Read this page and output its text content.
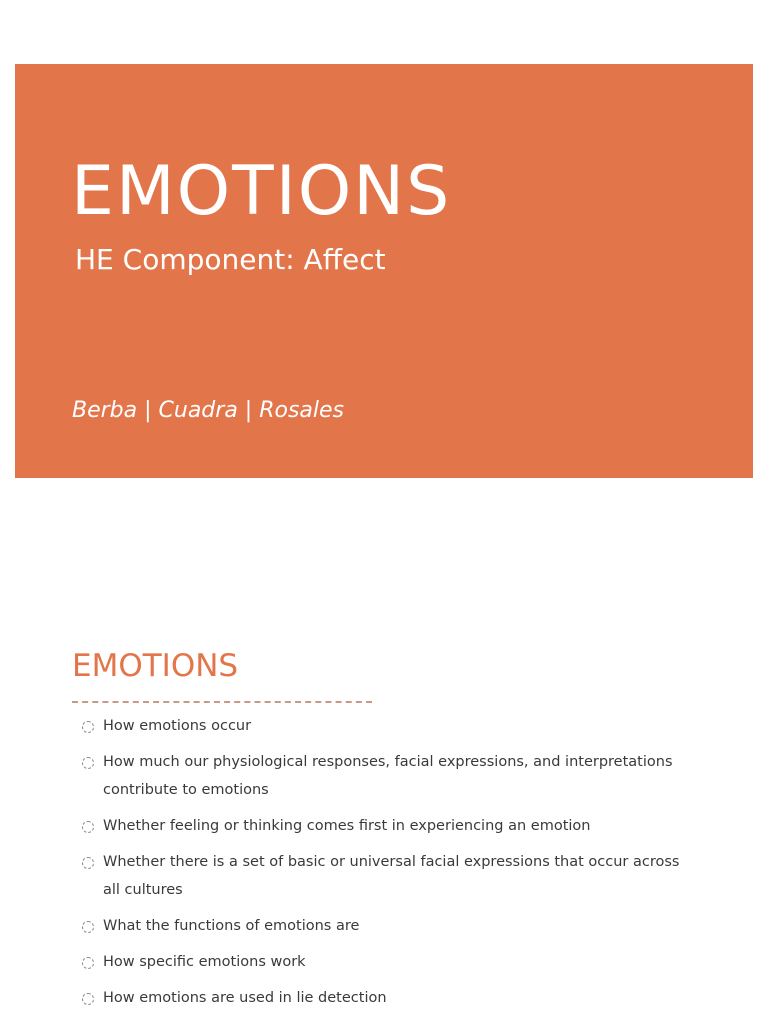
EMOTIONS
HE Component: Affect

Berba | Cuadra | Rosales

EMOTIONS
How emotions occur
How much our physiological responses, facial expressions, and interpretations contribute to emotions
Whether feeling or thinking comes first in experiencing an emotion
Whether there is a set of basic or universal facial expressions that occur across all cultures
What the functions of emotions are
How specific emotions work
How emotions are used in lie detection
